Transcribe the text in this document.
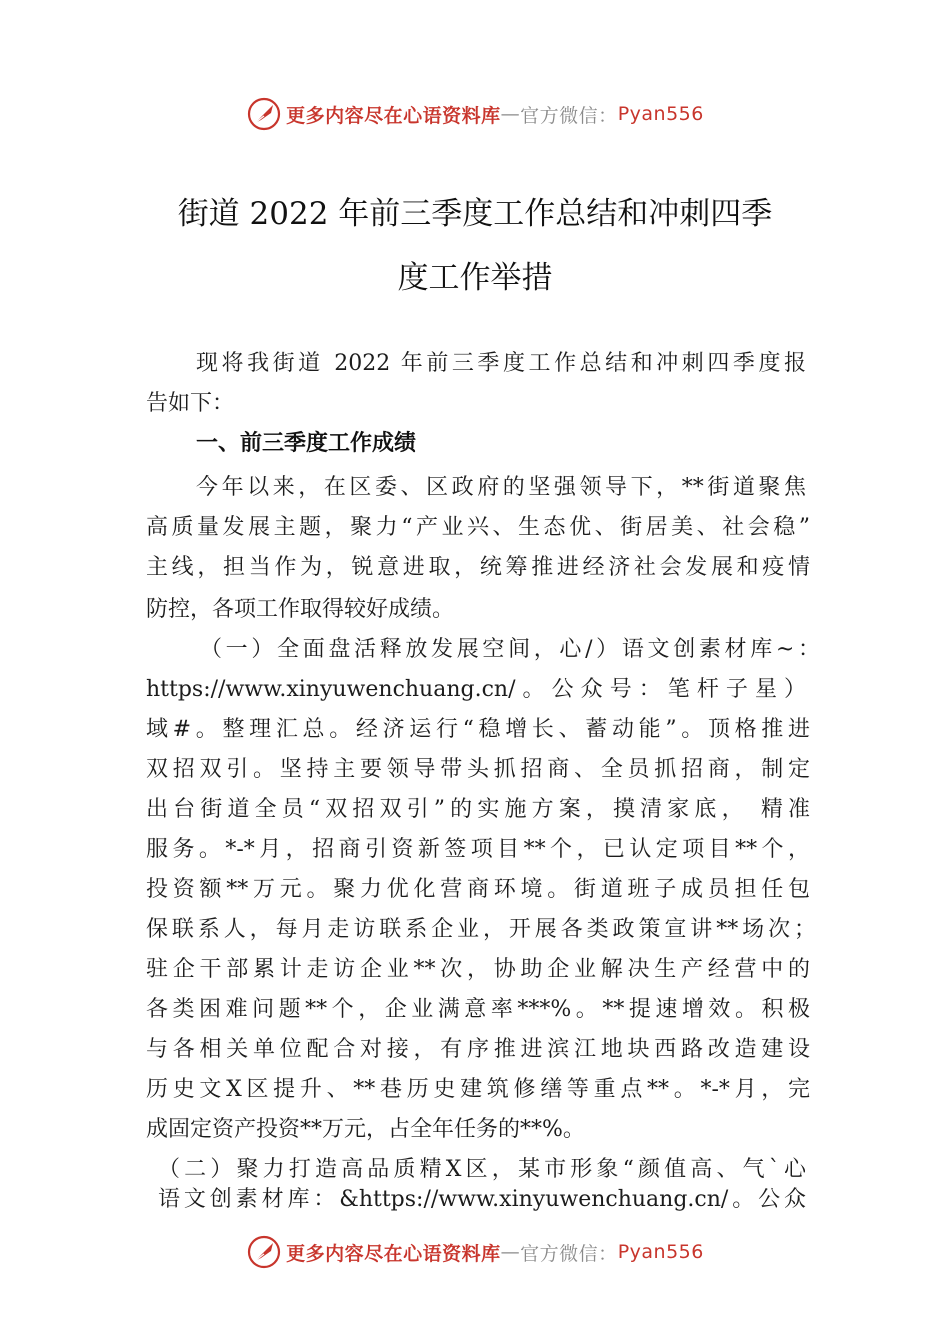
更多内容尽在心语资料库 — 官方微信： Pyan556
街道 2022 年前三季度工作总结和冲刺四季
度工作举措
现将我街道 2022 年前三季度工作总结和冲刺四季度报
告如下：
一、前三季度工作成绩
今年以来，在区委、区政府的坚强领导下，**街道聚焦
高质量发展主题，聚力“产业兴、生态优、街居美、社会稳”
主线，担当作为，锐意进取，统筹推进经济社会发展和疫情
防控，各项工作取得较好成绩。
（一）全面盘活释放发展空间，心/）语文创素材库~：
https://www.xinyuwenchuang.cn/。公众号：笔杆子星）
域#。整理汇总。经济运行“稳增长、蓄动能”。顶格推进
双招双引。坚持主要领导带头抓招商、全员抓招商，制定
出台街道全员“双招双引”的实施方案，摸清家底， 精准
服务。*-*月，招商引资新签项目**个，已认定项目**个，
投资额**万元。聚力优化营商环境。街道班子成员担任包
保联系人，每月走访联系企业，开展各类政策宣讲**场次；
驻企干部累计走访企业**次，协助企业解决生产经营中的
各类困难问题**个，企业满意率***%。**提速增效。积极
与各相关单位配合对接，有序推进滨江地块西路改造建设
历史文X区提升、**巷历史建筑修缮等重点**。*-*月，完
成固定资产投资**万元，占全年任务的**%。
（二）聚力打造高品质精X区，某市形象“颜值高、气`心
语文创素材库：&https://www.xinyuwenchuang.cn/。公众
更多内容尽在心语资料库 — 官方微信： Pyan556
